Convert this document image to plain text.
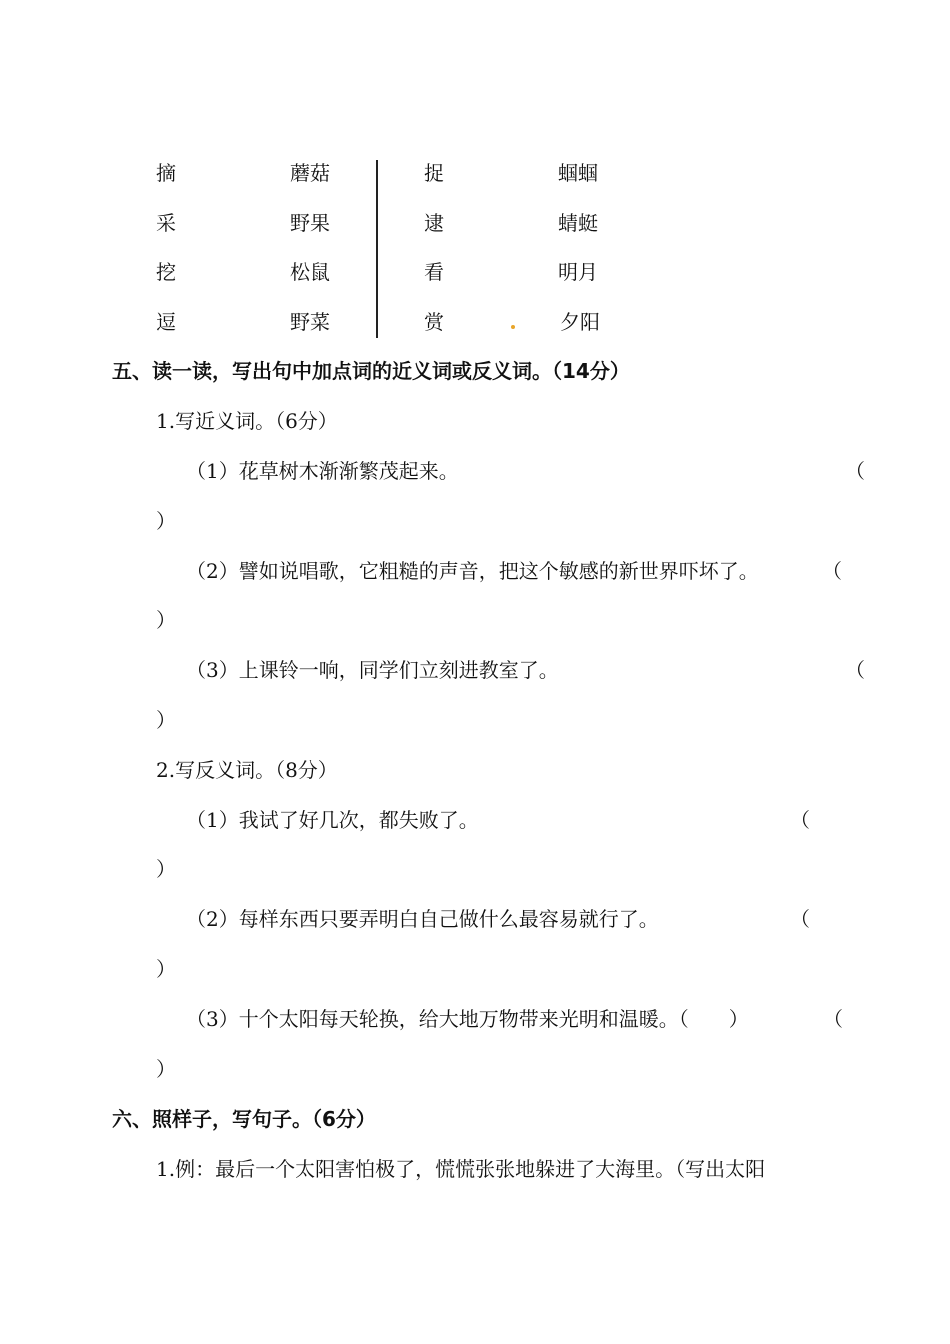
摘	蘑菇	捉	蝈蝈
采	野果	逮	蜻蜓
挖	松鼠	看	明月
逗	野菜	赏	夕阳
五、读一读，写出句中加点词的近义词或反义词。（14分）
1.写近义词。（6分）
（1）花草树木渐渐繁茂起来。	（
）
（2）譬如说唱歌，它粗糙的声音，把这个敏感的新世界吓坏了。	（
）
（3）上课铃一响，同学们立刻进教室了。	（
）
2.写反义词。（8分）
（1）我试了好几次，都失败了。	（
）
（2）每样东西只要弄明白自己做什么最容易就行了。	（
）
（3）十个太阳每天轮换，给大地万物带来光明和温暖。（　　）	（
）
六、照样子，写句子。（6分）
1.例：最后一个太阳害怕极了，慌慌张张地躲进了大海里。（写出太阳
